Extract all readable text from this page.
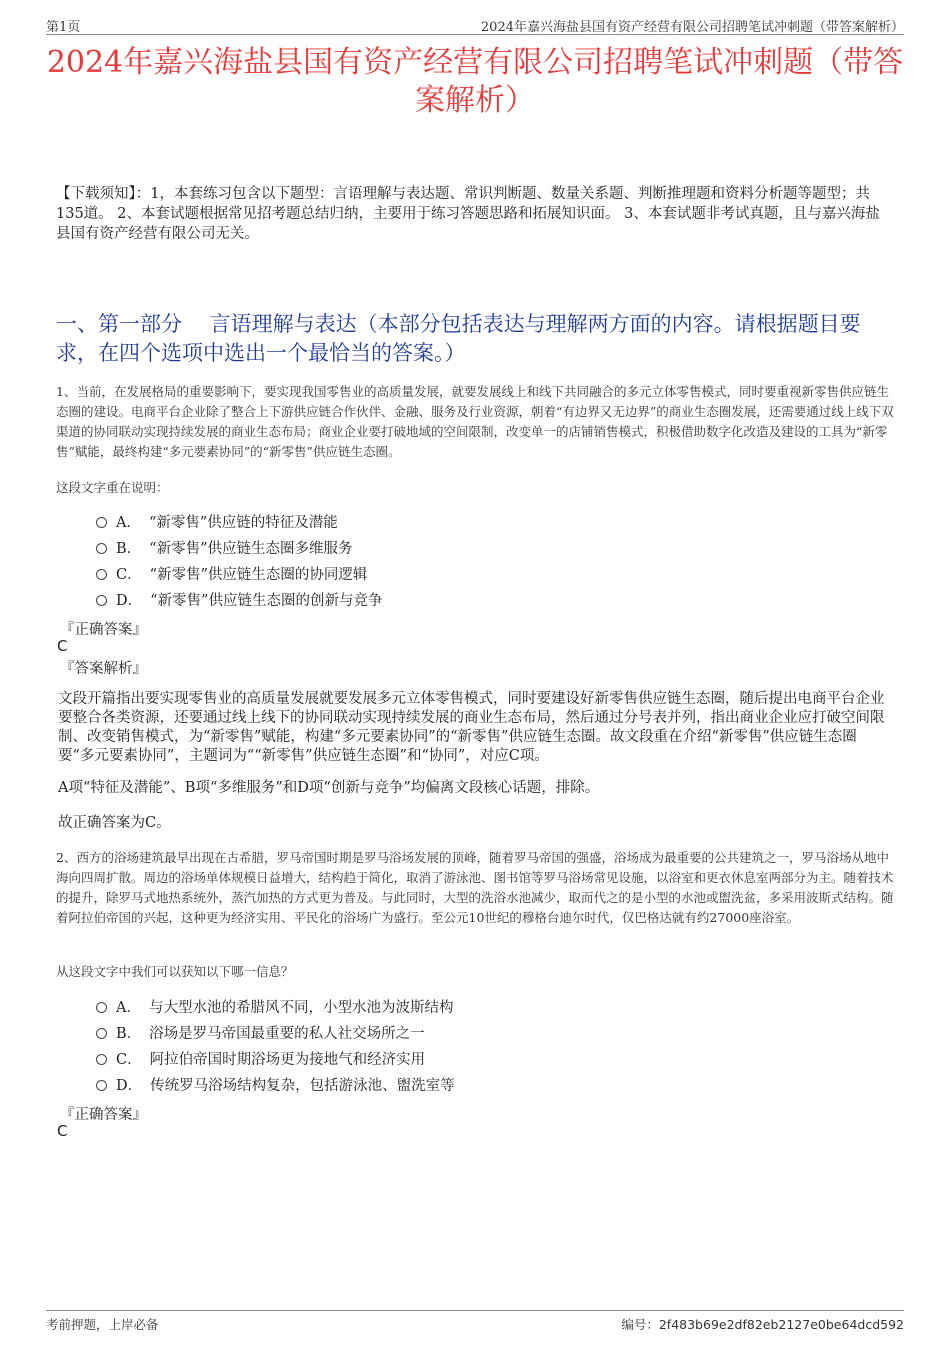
第1页	2024年嘉兴海盐县国有资产经营有限公司招聘笔试冲刺题（带答案解析）
2024年嘉兴海盐县国有资产经营有限公司招聘笔试冲刺题（带答案解析）
【下载须知】：1，本套练习包含以下题型：言语理解与表达题、常识判断题、数量关系题、判断推理题和资料分析题等题型；共135道。 2、本套试题根据常见招考题总结归纳，主要用于练习答题思路和拓展知识面。 3、本套试题非考试真题，且与嘉兴海盐县国有资产经营有限公司无关。
一、第一部分　 言语理解与表达（本部分包括表达与理解两方面的内容。请根据题目要求，在四个选项中选出一个最恰当的答案。）
1、当前，在发展格局的重要影响下，要实现我国零售业的高质量发展，就要发展线上和线下共同融合的多元立体零售模式，同时要重视新零售供应链生态圈的建设。电商平台企业除了整合上下游供应链合作伙伴、金融、服务及行业资源，朝着“有边界又无边界”的商业生态圈发展，还需要通过线上线下双渠道的协同联动实现持续发展的商业生态布局；商业企业要打破地域的空间限制，改变单一的店铺销售模式，积极借助数字化改造及建设的工具为“新零售”赋能，最终构建“多元要素协同”的“新零售”供应链生态圈。
这段文字重在说明：
A． “新零售”供应链的特征及潜能
B． “新零售”供应链生态圈多维服务
C． “新零售”供应链生态圈的协同逻辑
D． “新零售”供应链生态圈的创新与竞争
『正确答案』
C
『答案解析』
文段开篇指出要实现零售业的高质量发展就要发展多元立体零售模式，同时要建设好新零售供应链生态圈，随后提出电商平台企业要整合各类资源，还要通过线上线下的协同联动实现持续发展的商业生态布局，然后通过分号表并列，指出商业企业应打破空间限制、改变销售模式，为“新零售”赋能，构建“多元要素协同”的“新零售”供应链生态圈。故文段重在介绍“新零售”供应链生态圈要“多元要素协同”，主题词为““新零售”供应链生态圈”和“协同”，对应C项。
A项“特征及潜能”、B项“多维服务”和D项“创新与竞争”均偏离文段核心话题，排除。
故正确答案为C。
2、西方的浴场建筑最早出现在古希腊，罗马帝国时期是罗马浴场发展的顶峰，随着罗马帝国的强盛，浴场成为最重要的公共建筑之一，罗马浴场从地中海向四周扩散。周边的浴场单体规模日益增大，结构趋于简化，取消了游泳池、图书馆等罗马浴场常见设施，以浴室和更衣休息室两部分为主。随着技术的提升，除罗马式地热系统外，蒸汽加热的方式更为普及。与此同时，大型的洗浴水池减少，取而代之的是小型的水池或盥洗盆，多采用波斯式结构。随着阿拉伯帝国的兴起，这种更为经济实用、平民化的浴场广为盛行。至公元10世纪的穆格台迪尔时代，仅巴格达就有约27000座浴室。
从这段文字中我们可以获知以下哪一信息？
A． 与大型水池的希腊风不同，小型水池为波斯结构
B． 浴场是罗马帝国最重要的私人社交场所之一
C． 阿拉伯帝国时期浴场更为接地气和经济实用
D． 传统罗马浴场结构复杂，包括游泳池、盥洗室等
『正确答案』
C
考前押题，上岸必备	编号：2f483b69e2df82eb2127e0be64dcd592
